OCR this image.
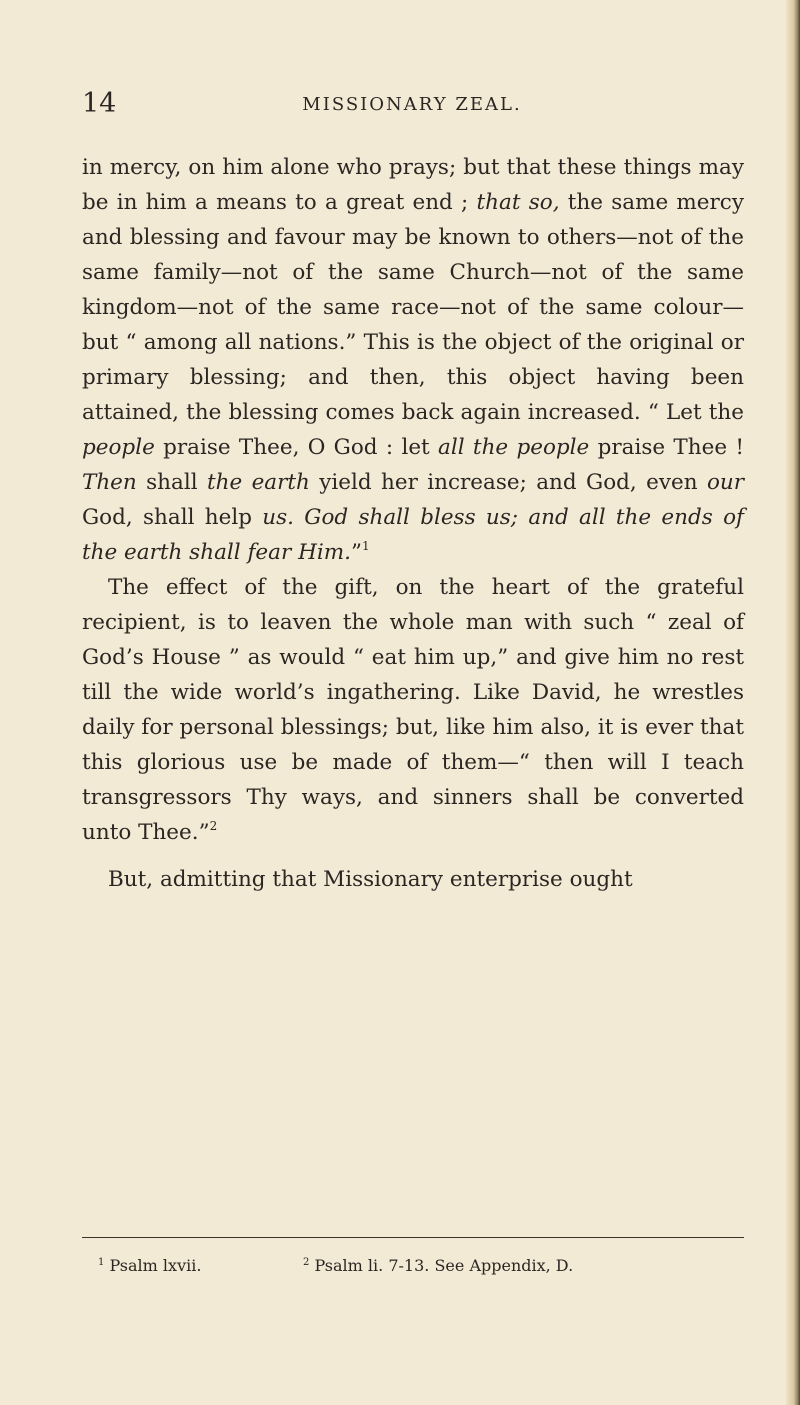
14	MISSIONARY ZEAL.

in mercy, on him alone who prays; but that these things may be in him a means to a great end ; that so, the same mercy and blessing and favour may be known to others—not of the same family—not of the same Church—not of the same kingdom—not of the same race—not of the same colour—but “ among all nations.” This is the object of the original or primary blessing; and then, this object having been attained, the blessing comes back again increased. “ Let the people praise Thee, O God : let all the people praise Thee ! Then shall the earth yield her increase; and God, even our God, shall help us. God shall bless us; and all the ends of the earth shall fear Him.”$^1$

The effect of the gift, on the heart of the grateful recipient, is to leaven the whole man with such “ zeal of God’s House ” as would “ eat him up,” and give him no rest till the wide world’s ingathering. Like David, he wrestles daily for personal blessings; but, like him also, it is ever that this glorious use be made of them—“ then will I teach transgressors Thy ways, and sinners shall be converted unto Thee.”$^2$

But, admitting that Missionary enterprise ought

$^1$ Psalm lxvii.	$^2$ Psalm li. 7-13. See Appendix, D.
